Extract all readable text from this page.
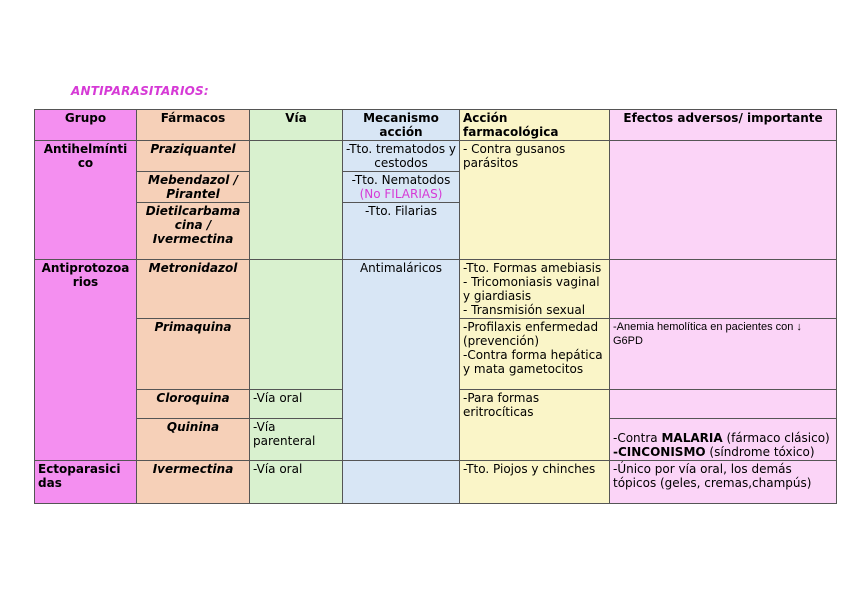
ANTIPARASITARIOS:
Grupo	Fármacos	Vía	Mecanismo acción	Acción farmacológica	Efectos adversos/ importante
Antihelmínti co	Praziquantel		-Tto. trematodos y cestodos	- Contra gusanos parásitos	
	Mebendazol / Pirantel		-Tto. Nematodos
(No FILARIAS)		

	Dietilcarbama cina / Ivermectina		-Tto. Filarias		
Antiprotozoa rios	Metronidazol		Antimaláricos	-Tto. Formas amebiasis
- Tricomoniasis vaginal y giardiasis
- Transmisión sexual	

	Primaquina			-Profilaxis enfermedad (prevención)
-Contra forma hepática y mata gametocitos	-Anemia hemolítica en pacientes con ↓ G6PD
	Cloroquina	-Vía oral		-Para formas eritrocíticas	
	Quinina	-Vía parenteral			-Contra MALARIA (fármaco clásico)
-CINCONISMO (síndrome tóxico)

Ectoparasici das	Ivermectina	-Vía oral		-Tto. Piojos y chinches	-Único por vía oral, los demás tópicos (geles, cremas,champús)
